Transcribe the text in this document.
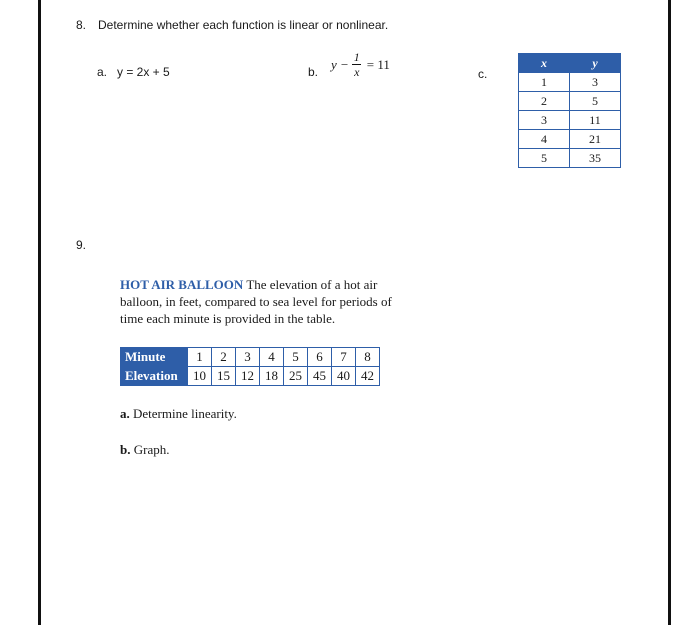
8. Determine whether each function is linear or nonlinear.
a. y = 2x + 5	b.
$y - \frac{1}{x} = 11$
c.
x	y
1	3
2	5
3	11
4	21
5	35
9.
HOT AIR BALLOON The elevation of a hot air balloon, in feet, compared to sea level for periods of time each minute is provided in the table.
Minute	1	2	3	4	5	6	7	8
Elevation	10	15	12	18	25	45	40	42
a. Determine linearity.
b. Graph.
